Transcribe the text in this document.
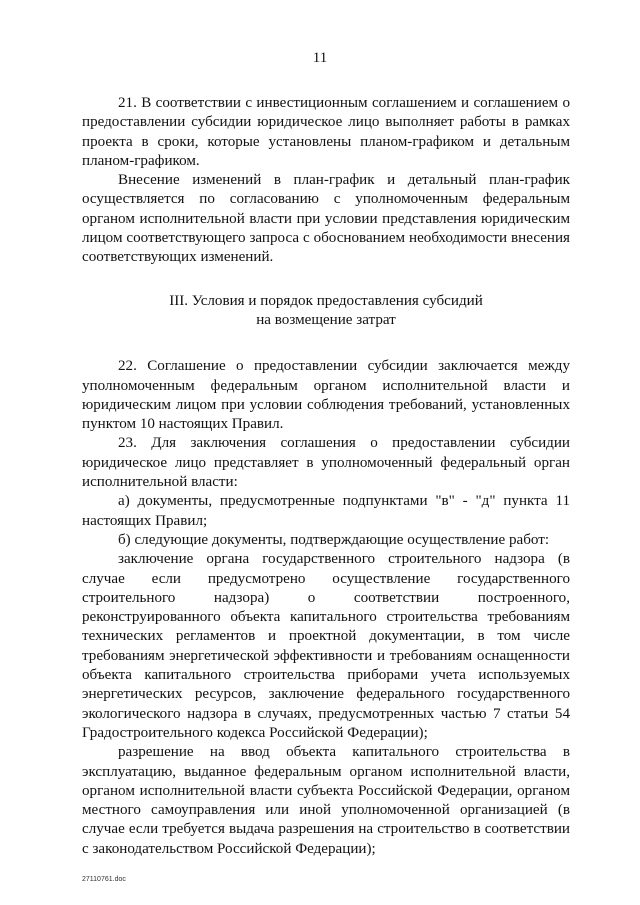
11

21. В соответствии с инвестиционным соглашением и соглашением о предоставлении субсидии юридическое лицо выполняет работы в рамках проекта в сроки, которые установлены планом-графиком и детальным планом-графиком.

Внесение изменений в план-график и детальный план-график осуществляется по согласованию с уполномоченным федеральным органом исполнительной власти при условии представления юридическим лицом соответствующего запроса с обоснованием необходимости внесения соответствующих изменений.

III. Условия и порядок предоставления субсидий
на возмещение затрат

22. Соглашение о предоставлении субсидии заключается между уполномоченным федеральным органом исполнительной власти и юридическим лицом при условии соблюдения требований, установленных пунктом 10 настоящих Правил.

23. Для заключения соглашения о предоставлении субсидии юридическое лицо представляет в уполномоченный федеральный орган исполнительной власти:

а) документы, предусмотренные подпунктами "в" - "д" пункта 11 настоящих Правил;

б) следующие документы, подтверждающие осуществление работ:

заключение органа государственного строительного надзора (в случае если предусмотрено осуществление государственного строительного надзора) о соответствии построенного, реконструированного объекта капитального строительства требованиям технических регламентов и проектной документации, в том числе требованиям энергетической эффективности и требованиям оснащенности объекта капитального строительства приборами учета используемых энергетических ресурсов, заключение федерального государственного экологического надзора в случаях, предусмотренных частью 7 статьи 54 Градостроительного кодекса Российской Федерации);

разрешение на ввод объекта капитального строительства в эксплуатацию, выданное федеральным органом исполнительной власти, органом исполнительной власти субъекта Российской Федерации, органом местного самоуправления или иной уполномоченной организацией (в случае если требуется выдача разрешения на строительство в соответствии с законодательством Российской Федерации);

27110761.doc
